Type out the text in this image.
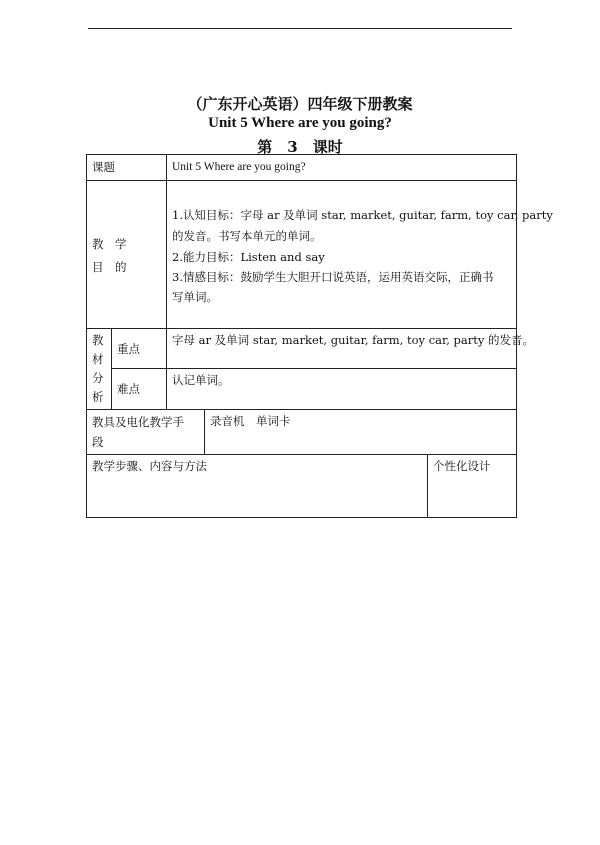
（广东开心英语）四年级下册教案
Unit 5 Where are you going?
第　3　课时
课题	Unit 5 Where are you going?
教　学
目　的
1.认知目标：字母 ar 及单词 star, market, guitar, farm, toy car, party
的发音。书写本单元的单词。
2.能力目标：Listen and say
3.情感目标：鼓励学生大胆开口说英语，运用英语交际，正确书
写单词。
教
材
分
析
重点
字母 ar 及单词 star, market, guitar, farm, toy car, party 的发音。
难点
认记单词。
教具及电化教学手
段
录音机　单词卡
教学步骤、内容与方法	个性化设计
